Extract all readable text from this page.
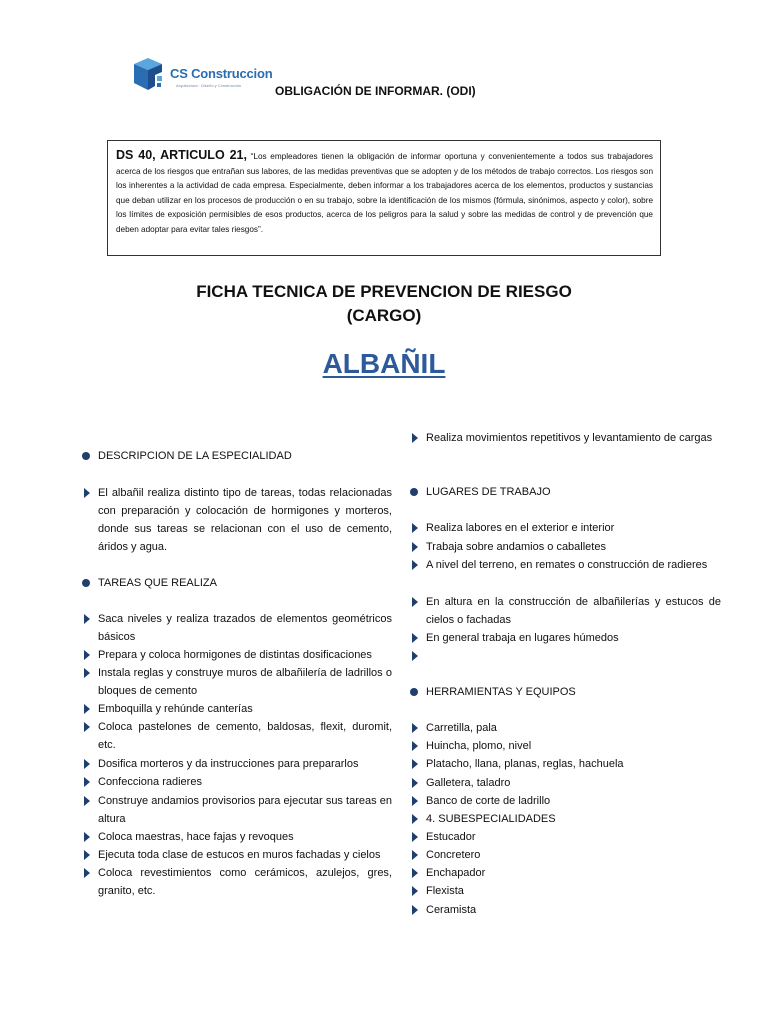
CS Construccion
Arquitectura · Diseño y Construcción	OBLIGACIÓN DE INFORMAR. (ODI)
DS 40, ARTICULO 21, “Los empleadores tienen la obligación de informar oportuna y convenientemente a todos sus trabajadores acerca de los riesgos que entrañan sus labores, de las medidas preventivas que se adopten y de los métodos de trabajo correctos. Los riesgos son los inherentes a la actividad de cada empresa. Especialmente, deben informar a los trabajadores acerca de los elementos, productos y sustancias que deban utilizar en los procesos de producción o en su trabajo, sobre la identificación de los mismos (fórmula, sinónimos, aspecto y color), sobre los límites de exposición permisibles de esos productos, acerca de los peligros para la salud y sobre las medidas de control y de prevención que deben adoptar para evitar tales riesgos”.
FICHA TECNICA DE PREVENCION DE RIESGO
(CARGO)
ALBAÑIL
DESCRIPCION DE LA ESPECIALIDAD
El albañil realiza distinto tipo de tareas, todas relacionadas con preparación y colocación de hormigones y morteros, donde sus tareas se relacionan con el uso de cemento, áridos y agua.
TAREAS QUE REALIZA
Saca niveles y realiza trazados de elementos geométricos básicos
Prepara y coloca hormigones de distintas dosificaciones
Instala reglas y construye muros de albañilería de ladrillos o bloques de cemento
Emboquilla y rehúnde canterías
Coloca pastelones de cemento, baldosas, flexit, duromit, etc.
Dosifica morteros y da instrucciones para prepararlos
Confecciona radieres
Construye andamios provisorios para ejecutar sus tareas en altura
Coloca maestras, hace fajas y revoques
Ejecuta toda clase de estucos en muros fachadas y cielos
Coloca revestimientos como cerámicos, azulejos, gres, granito, etc.
Realiza movimientos repetitivos y levantamiento de cargas
LUGARES DE TRABAJO
Realiza labores en el exterior e interior
Trabaja sobre andamios o caballetes
A nivel del terreno, en remates o construcción de radieres
En altura en la construcción de albañilerías y estucos de cielos o fachadas
En general trabaja en lugares húmedos
HERRAMIENTAS Y EQUIPOS
Carretilla, pala
Huincha, plomo, nivel
Platacho, llana, planas, reglas, hachuela
Galletera, taladro
Banco de corte de ladrillo
4. SUBESPECIALIDADES
Estucador
Concretero
Enchapador
Flexista
Ceramista
